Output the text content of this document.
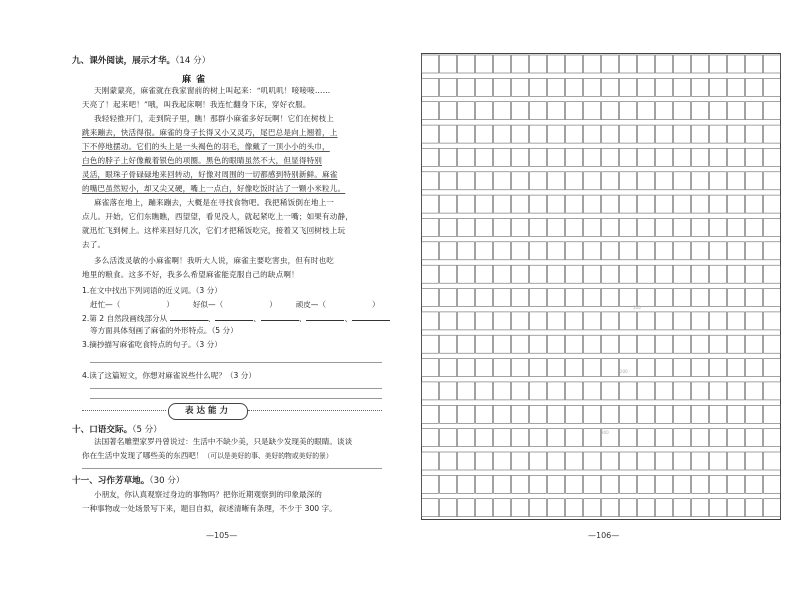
九、课外阅读，展示才华。（14 分）
麻雀

天刚蒙蒙亮，麻雀就在我家窗前的树上叫起来：“叽叽叽！唼唼唼……

天亮了！起来吧！”哦，叫我起床啊！我连忙翻身下床，穿好衣服。

我轻轻推开门，走到院子里，瞧！那群小麻雀多好玩啊！它们在树枝上

跳来蹦去，快活得很。麻雀的身子长得又小又灵巧，尾巴总是向上翘着，上

下不停地摆动。它们的头上是一头褐色的羽毛，像戴了一顶小小的头巾，

白色的脖子上好像戴着银色的项圈。黑色的眼睛虽然不大，但显得特别

灵活，眼珠子骨碌碌地来回转动，好像对周围的一切都感到特别新鲜。麻雀

的嘴巴虽然短小，却又尖又硬，嘴上一点白，好像吃饭时沾了一颗小米粒儿。

麻雀落在地上，蹦来蹦去，大概是在寻找食物吧。我把稀饭倒在地上一

点儿。开始，它们东瞧瞧，西望望，看见没人，就起紧吃上一嘴；如果有动静，

就迅忙飞到树上。这样来回好几次，它们才把稀饭吃完，接着又飞回树枝上玩

去了。

多么活泼灵敏的小麻雀啊！我听大人说，麻雀主要吃害虫，但有时也吃

地里的粮食。这多不好，我多么希望麻雀能克服自己的缺点啊！

1.在文中找出下列词语的近义词。（3 分）
赶忙—（	） 好似—（	） 顽皮—（	）
2.第 2 自然段画线部分从	、	、	、	、
等方面具体刻画了麻雀的外形特点。（5 分）
3.摘抄描写麻雀吃食特点的句子。（3 分）
4.读了这篇短文，你想对麻雀说些什么呢？（3 分）
表达能力
十、口语交际。（5 分）
法国著名雕塑家罗丹曾说过：生活中不缺少美，只是缺少发现美的眼睛。谈谈
你在生活中发现了哪些美的东西吧！（可以是美好的事、美好的物或美好的景）
十一、习作芳草地。（30 分）
小朋友，你认真观察过身边的事物吗？把你近期观察到的印象最深的
一种事物或一处场景写下来，题目自拟，叙述清晰有条理，不少于 300 字。
—105—
100
200
300
—106—
